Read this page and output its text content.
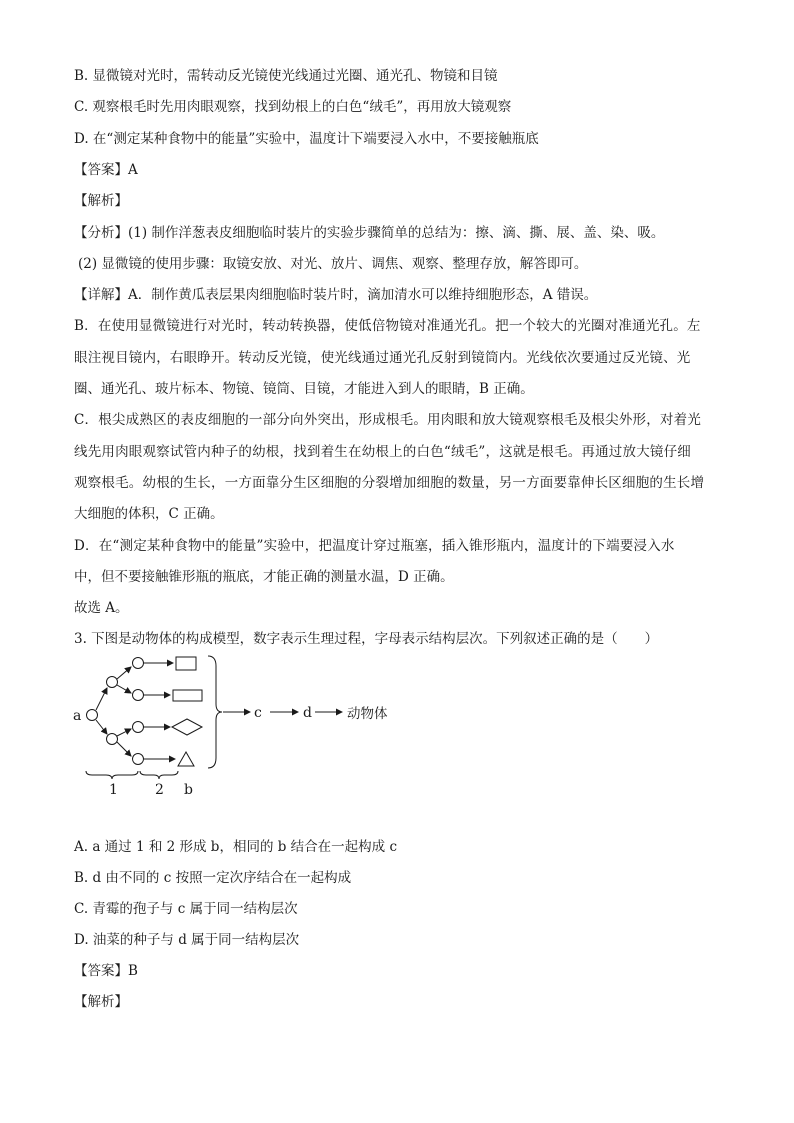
B. 显微镜对光时，需转动反光镜使光线通过光圈、通光孔、物镜和目镜
C. 观察根毛时先用肉眼观察，找到幼根上的白色“绒毛”，再用放大镜观察
D. 在“测定某种食物中的能量”实验中，温度计下端要浸入水中，不要接触瓶底
【答案】A
【解析】
【分析】(1) 制作洋葱表皮细胞临时装片的实验步骤简单的总结为：擦、滴、撕、展、盖、染、吸。
(2) 显微镜的使用步骤：取镜安放、对光、放片、调焦、观察、整理存放，解答即可。
【详解】A．制作黄瓜表层果肉细胞临时装片时，滴加清水可以维持细胞形态，A 错误。
B．在使用显微镜进行对光时，转动转换器，使低倍物镜对准通光孔。把一个较大的光圈对准通光孔。左
眼注视目镜内，右眼睁开。转动反光镜，使光线通过通光孔反射到镜筒内。光线依次要通过反光镜、光
圈、通光孔、玻片标本、物镜、镜筒、目镜，才能进入到人的眼睛，B 正确。
C．根尖成熟区的表皮细胞的一部分向外突出，形成根毛。用肉眼和放大镜观察根毛及根尖外形，对着光
线先用肉眼观察试管内种子的幼根，找到着生在幼根上的白色“绒毛”，这就是根毛。再通过放大镜仔细
观察根毛。幼根的生长，一方面靠分生区细胞的分裂增加细胞的数量，另一方面要靠伸长区细胞的生长增
大细胞的体积，C 正确。
D．在“测定某种食物中的能量”实验中，把温度计穿过瓶塞，插入锥形瓶内，温度计的下端要浸入水
中，但不要接触锥形瓶的瓶底，才能正确的测量水温，D 正确。
故选 A。
3. 下图是动物体的构成模型，数字表示生理过程，字母表示结构层次。下列叙述正确的是（　　）
a	c	d	动物体
1	2 b
A. a 通过 1 和 2 形成 b，相同的 b 结合在一起构成 c
B. d 由不同的 c 按照一定次序结合在一起构成
C. 青霉的孢子与 c 属于同一结构层次
D. 油菜的种子与 d 属于同一结构层次
【答案】B
【解析】
